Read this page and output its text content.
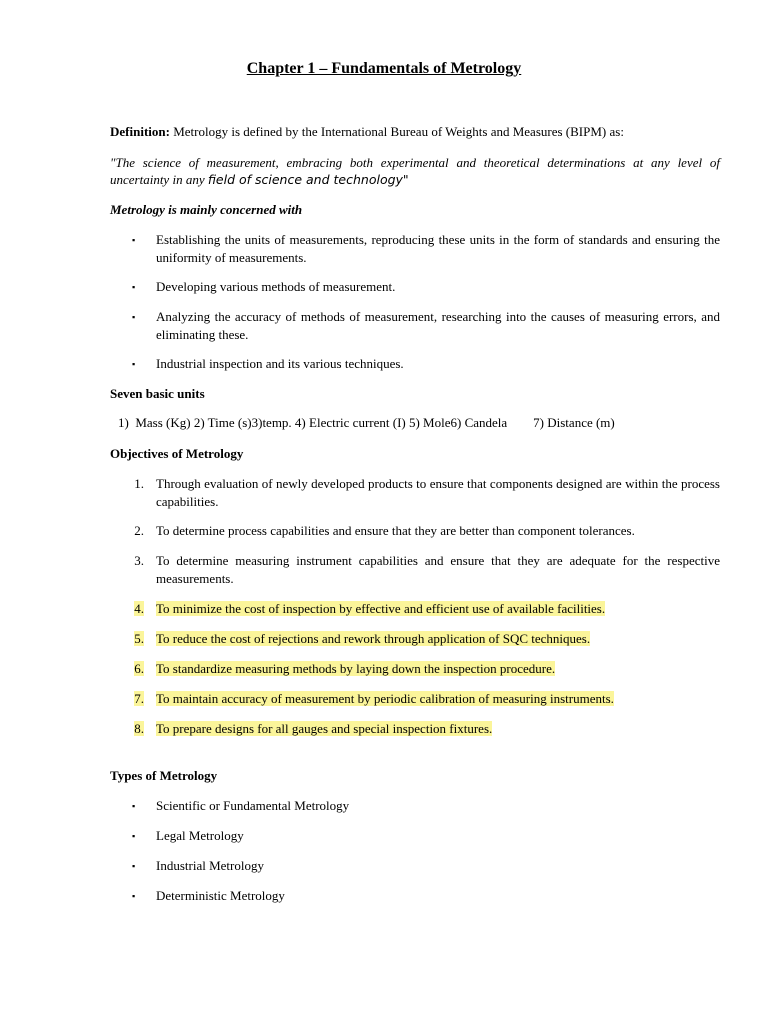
Chapter 1 – Fundamentals of Metrology
Definition: Metrology is defined by the International Bureau of Weights and Measures (BIPM) as:
"The science of measurement, embracing both experimental and theoretical determinations at any level of uncertainty in any field of science and technology"
Metrology is mainly concerned with
▪ Establishing the units of measurements, reproducing these units in the form of standards and ensuring the uniformity of measurements.
▪ Developing various methods of measurement.
▪ Analyzing the accuracy of methods of measurement, researching into the causes of measuring errors, and eliminating these.
▪ Industrial inspection and its various techniques.
Seven basic units
1)  Mass (Kg) 2) Time (s)3)temp. 4) Electric current (I) 5) Mole6) Candela        7) Distance (m)
Objectives of Metrology
1. Through evaluation of newly developed products to ensure that components designed are within the process capabilities.
2. To determine process capabilities and ensure that they are better than component tolerances.
3. To determine measuring instrument capabilities and ensure that they are adequate for the respective measurements.
4. To minimize the cost of inspection by effective and efficient use of available facilities.
5. To reduce the cost of rejections and rework through application of SQC techniques.
6. To standardize measuring methods by laying down the inspection procedure.
7. To maintain accuracy of measurement by periodic calibration of measuring instruments.
8. To prepare designs for all gauges and special inspection fixtures.
Types of Metrology
▪ Scientific or Fundamental Metrology
▪ Legal Metrology
▪ Industrial Metrology
▪ Deterministic Metrology
